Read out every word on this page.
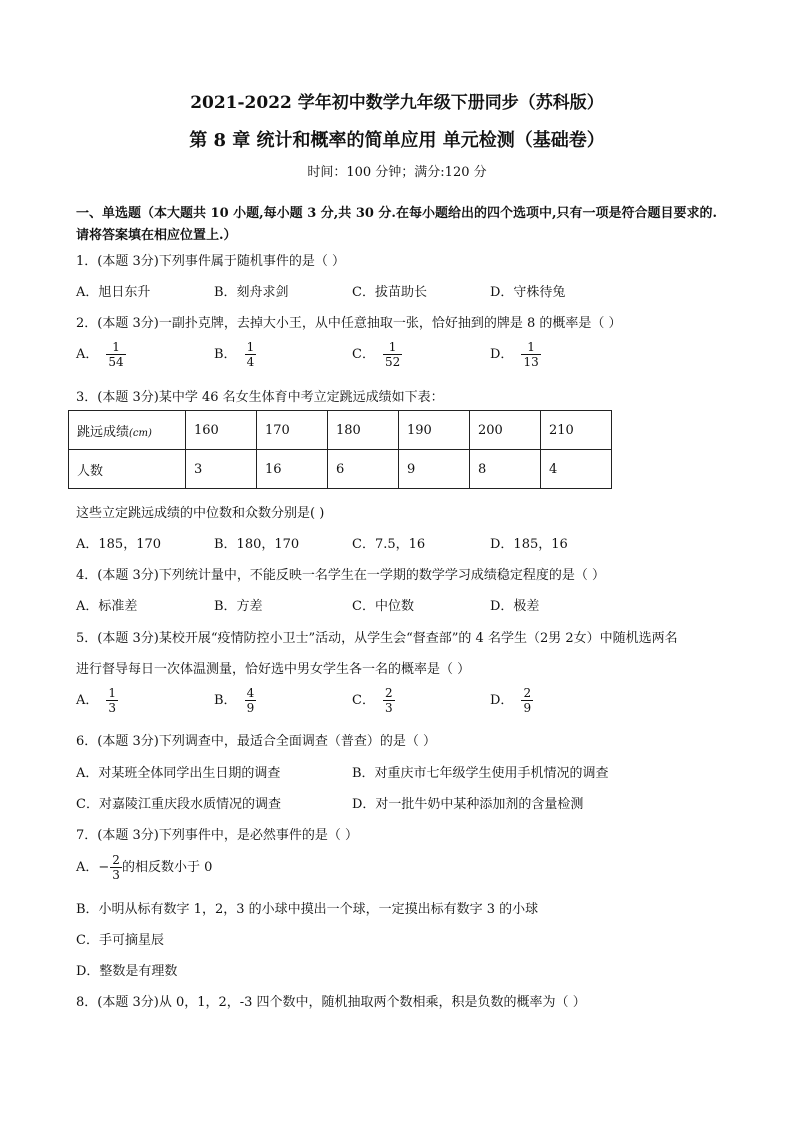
2021-2022 学年初中数学九年级下册同步（苏科版）
第 8 章 统计和概率的简单应用 单元检测（基础卷）
时间：100 分钟；满分:120 分
一、单选题（本大题共 10 小题,每小题 3 分,共 30 分.在每小题给出的四个选项中,只有一项是符合题目要求的.请将答案填在相应位置上.）
1．(本题 3分)下列事件属于随机事件的是（ ）
A．旭日东升	B．刻舟求剑	C．拔苗助长	D．守株待兔
2．(本题 3分)一副扑克牌，去掉大小王，从中任意抽取一张，恰好抽到的牌是 8 的概率是（ ）
A． $\frac{1}{54}$	B． $\frac{1}{4}$	C． $\frac{1}{52}$	D． $\frac{1}{13}$
3．(本题 3分)某中学 46 名女生体育中考立定跳远成绩如下表：
跳远成绩(cm)	160	170	180	190	200	210
人数	3	16	6	9	8	4
这些立定跳远成绩的中位数和众数分别是( )
A．185，170	B．180，170	C．7.5，16	D．185，16
4．(本题 3分)下列统计量中，不能反映一名学生在一学期的数学学习成绩稳定程度的是（ ）
A．标准差	B．方差	C．中位数	D．极差
5．(本题 3分)某校开展“疫情防控小卫士”活动，从学生会“督查部”的 4 名学生（2男 2女）中随机选两名
进行督导每日一次体温测量，恰好选中男女学生各一名的概率是（ ）
A． $\frac{1}{3}$	B． $\frac{4}{9}$	C． $\frac{2}{3}$	D． $\frac{2}{9}$
6．(本题 3分)下列调查中，最适合全面调查（普查）的是（ ）
A．对某班全体同学出生日期的调查	B．对重庆市七年级学生使用手机情况的调查
C．对嘉陵江重庆段水质情况的调查	D．对一批牛奶中某种添加剂的含量检测
7．(本题 3分)下列事件中，是必然事件的是（ ）
A．− $\frac{2}{3}$ 的相反数小于 0
B．小明从标有数字 1，2，3 的小球中摸出一个球，一定摸出标有数字 3 的小球
C．手可摘星辰
D．整数是有理数
8．(本题 3分)从 0，1，2，-3 四个数中，随机抽取两个数相乘，积是负数的概率为（ ）
